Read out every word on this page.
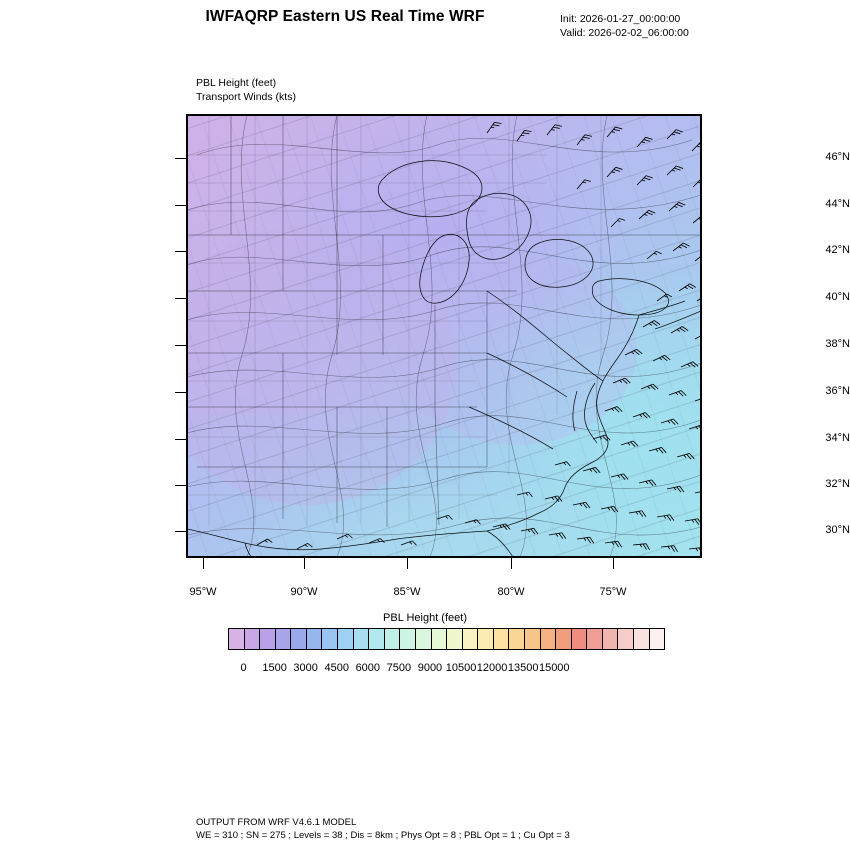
IWFAQRP Eastern US Real Time WRF	Init: 2026-01-27_00:00:00
Valid: 2026-02-02_06:00:00
PBL Height (feet)
Transport Winds (kts)
46°N
44°N
42°N
40°N
38°N
36°N
34°N
32°N
30°N
95°W	90°W	85°W	80°W	75°W
PBL Height (feet)
0	1500 3000 4500 6000 7500 9000 10500 12000 13500 15000
OUTPUT FROM WRF V4.6.1 MODEL
WE = 310 ; SN = 275 ; Levels = 38 ; Dis = 8km ; Phys Opt = 8 ; PBL Opt = 1 ; Cu Opt = 3
